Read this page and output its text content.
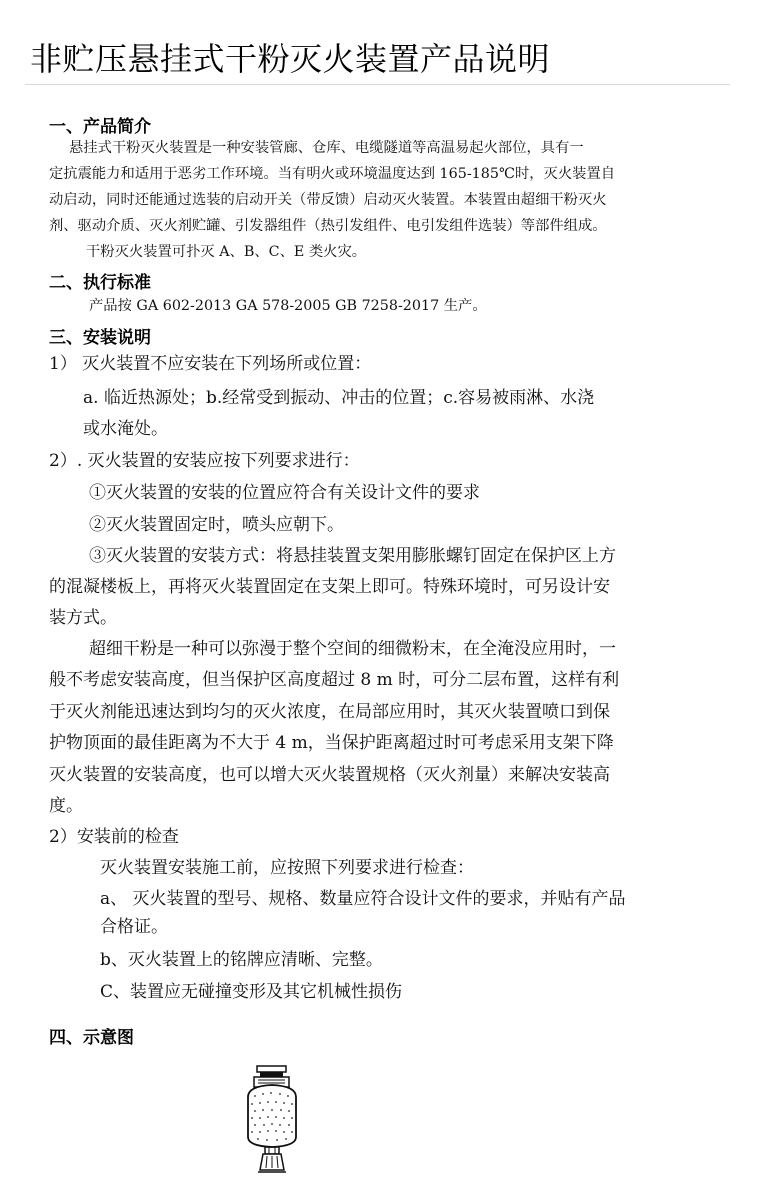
非贮压悬挂式干粉灭火装置产品说明
一、产品简介
悬挂式干粉灭火装置是一种安装管廊、仓库、电缆隧道等高温易起火部位，具有一
定抗震能力和适用于恶劣工作环境。当有明火或环境温度达到 165-185℃时，灭火装置自
动启动，同时还能通过选装的启动开关（带反馈）启动灭火装置。本装置由超细干粉灭火
剂、驱动介质、灭火剂贮罐、引发器组件（热引发组件、电引发组件选装）等部件组成。
干粉灭火装置可扑灭 A、B、C、E 类火灾。
二、执行标准
产品按 GA 602-2013 GA 578-2005 GB 7258-2017 生产。
三、安装说明
1） 灭火装置不应安装在下列场所或位置：
a. 临近热源处；b.经常受到振动、冲击的位置；c.容易被雨淋、水浇
或水淹处。
2）. 灭火装置的安装应按下列要求进行：
①灭火装置的安装的位置应符合有关设计文件的要求
②灭火装置固定时，喷头应朝下。
③灭火装置的安装方式：将悬挂装置支架用膨胀螺钉固定在保护区上方
的混凝楼板上，再将灭火装置固定在支架上即可。特殊环境时，可另设计安
装方式。
超细干粉是一种可以弥漫于整个空间的细微粉末，在全淹没应用时，一
般不考虑安装高度，但当保护区高度超过 8 m 时，可分二层布置，这样有利
于灭火剂能迅速达到均匀的灭火浓度，在局部应用时，其灭火装置喷口到保
护物顶面的最佳距离为不大于 4 m，当保护距离超过时可考虑采用支架下降
灭火装置的安装高度，也可以增大灭火装置规格（灭火剂量）来解决安装高
度。
2）安装前的检查
灭火装置安装施工前，应按照下列要求进行检查：
a、 灭火装置的型号、规格、数量应符合设计文件的要求，并贴有产品
合格证。
b、灭火装置上的铭牌应清晰、完整。
C、装置应无碰撞变形及其它机械性损伤
四、示意图
